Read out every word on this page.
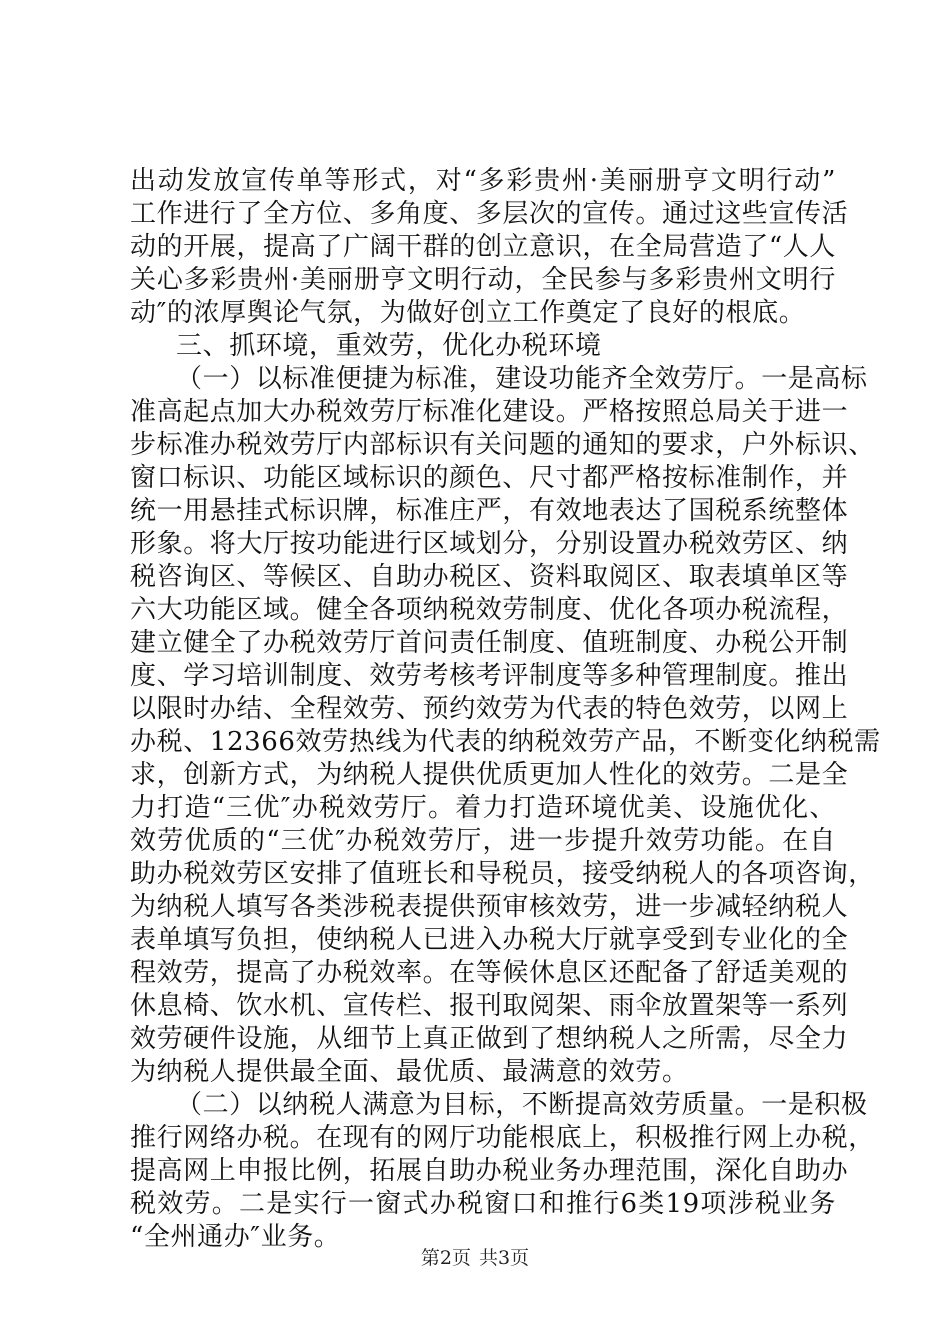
出动发放宣传单等形式，对“多彩贵州·美丽册亨文明行动”
工作进行了全方位、多角度、多层次的宣传。通过这些宣传活
动的开展，提高了广阔干群的创立意识，在全局营造了“人人
关心多彩贵州·美丽册亨文明行动，全民参与多彩贵州文明行
动″的浓厚舆论气氛，为做好创立工作奠定了良好的根底。
三、抓环境，重效劳，优化办税环境
（一）以标准便捷为标准，建设功能齐全效劳厅。一是高标
准高起点加大办税效劳厅标准化建设。严格按照总局关于进一
步标准办税效劳厅内部标识有关问题的通知的要求，户外标识、
窗口标识、功能区域标识的颜色、尺寸都严格按标准制作，并
统一用悬挂式标识牌，标准庄严，有效地表达了国税系统整体
形象。将大厅按功能进行区域划分，分别设置办税效劳区、纳
税咨询区、等候区、自助办税区、资料取阅区、取表填单区等
六大功能区域。健全各项纳税效劳制度、优化各项办税流程，
建立健全了办税效劳厅首问责任制度、值班制度、办税公开制
度、学习培训制度、效劳考核考评制度等多种管理制度。推出
以限时办结、全程效劳、预约效劳为代表的特色效劳，以网上
办税、12366效劳热线为代表的纳税效劳产品，不断变化纳税需
求，创新方式，为纳税人提供优质更加人性化的效劳。二是全
力打造“三优″办税效劳厅。着力打造环境优美、设施优化、
效劳优质的“三优″办税效劳厅，进一步提升效劳功能。在自
助办税效劳区安排了值班长和导税员，接受纳税人的各项咨询，
为纳税人填写各类涉税表提供预审核效劳，进一步减轻纳税人
表单填写负担，使纳税人已进入办税大厅就享受到专业化的全
程效劳，提高了办税效率。在等候休息区还配备了舒适美观的
休息椅、饮水机、宣传栏、报刊取阅架、雨伞放置架等一系列
效劳硬件设施，从细节上真正做到了想纳税人之所需，尽全力
为纳税人提供最全面、最优质、最满意的效劳。
（二）以纳税人满意为目标，不断提高效劳质量。一是积极
推行网络办税。在现有的网厅功能根底上，积极推行网上办税，
提高网上申报比例，拓展自助办税业务办理范围，深化自助办
税效劳。二是实行一窗式办税窗口和推行6类19项涉税业务
“全州通办″业务。
第2页 共3页
